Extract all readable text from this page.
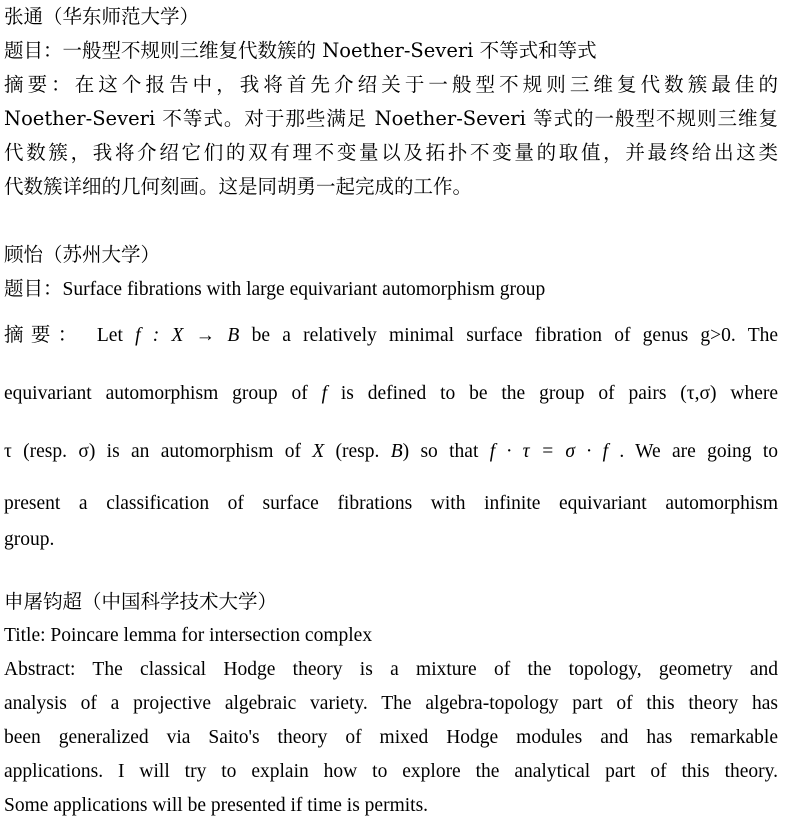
张通（华东师范大学）
题目：一般型不规则三维复代数簇的 Noether-Severi 不等式和等式
摘要：在这个报告中，我将首先介绍关于一般型不规则三维复代数簇最佳的
Noether-Severi 不等式。对于那些满足 Noether-Severi 等式的一般型不规则三维复
代数簇，我将介绍它们的双有理不变量以及拓扑不变量的取值，并最终给出这类
代数簇详细的几何刻画。这是同胡勇一起完成的工作。
顾怡（苏州大学）
题目：Surface fibrations with large equivariant automorphism group
摘要： Let f : X → B be a relatively minimal surface fibration of genus g>0. The
equivariant automorphism group of f is defined to be the group of pairs (τ,σ) where
τ (resp. σ) is an automorphism of X (resp. B) so that f · τ = σ · f . We are going to
present a classification of surface fibrations with infinite equivariant automorphism
group.
申屠钧超（中国科学技术大学）
Title: Poincare lemma for intersection complex
Abstract: The classical Hodge theory is a mixture of the topology, geometry and
analysis of a projective algebraic variety. The algebra-topology part of this theory has
been generalized via Saito's theory of mixed Hodge modules and has remarkable
applications. I will try to explain how to explore the analytical part of this theory.
Some applications will be presented if time is permits.
